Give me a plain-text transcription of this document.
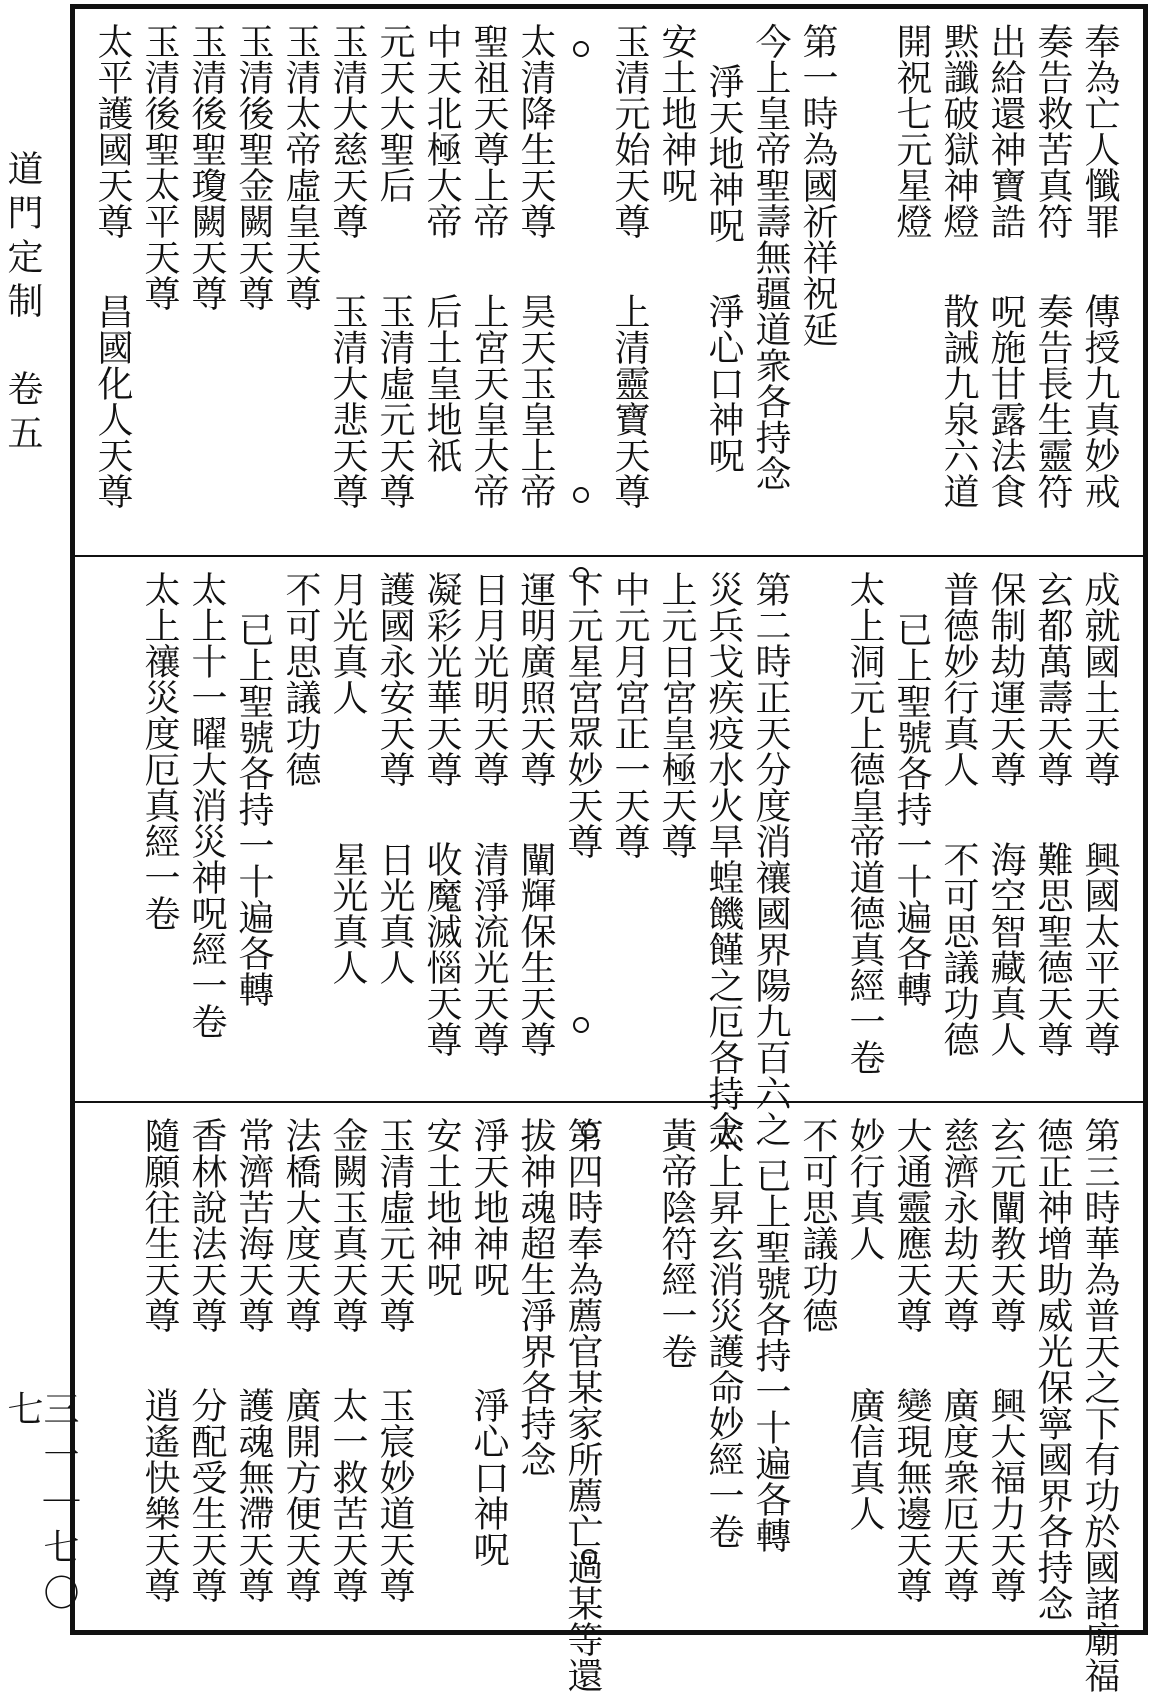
道門定制　卷五
三一｜七〇七
奉為亡人懺罪
傳授九真妙戒
奏告救苦真符
奏告長生靈符
出給還神寶誥
呪施甘露法食
黙讖破獄神燈
散誡九泉六道
開祝七元星燈
第一時為國祈祥祝延
今上皇帝聖壽無疆道衆各持念
淨天地神呪
淨心口神呪
安土地神呪
玉清元始天尊
上清靈寶天尊
太清降生天尊
昊天玉皇上帝
聖祖天尊上帝
上宮天皇大帝
中天北極大帝
后土皇地祇
元天大聖后
玉清虛元天尊
玉清大慈天尊
玉清大悲天尊
玉清太帝虛皇天尊
玉清後聖金闕天尊
玉清後聖瓊闕天尊
玉清後聖太平天尊
太平護國天尊
昌國化人天尊
成就國土天尊
興國太平天尊
玄都萬壽天尊
難思聖德天尊
保制劫運天尊
海空智藏真人
普德妙行真人
不可思議功德
已上聖號各持一十遍各轉
太上洞元上德皇帝道德真經一卷
第二時正天分度消禳國界陽九百六之
災兵戈疾疫水火旱蝗饑饉之厄各持念
上元日宮皇極天尊
中元月宮正一天尊
下元星宮眾妙天尊
運明廣照天尊
闡輝保生天尊
日月光明天尊
清淨流光天尊
凝彩光華天尊
收魔滅惱天尊
護國永安天尊
日光真人
月光真人
星光真人
不可思議功德
已上聖號各持一十遍各轉
太上十一曜大消災神呪經一卷
太上禳災度厄真經一卷
第三時華為普天之下有功於國諸廟福
德正神增助威光保寧國界各持念
玄元闡教天尊
興大福力天尊
慈濟永劫天尊
廣度衆厄天尊
大通靈應天尊
變現無邊天尊
妙行真人
廣信真人
不可思議功德
已上聖號各持一十遍各轉
太上昇玄消災護命妙經一卷
黃帝陰符經一卷
第四時奉為薦官某家所薦亡過某等還
拔神魂超生淨界各持念
淨天地神呪
淨心口神呪
安土地神呪
玉清虛元天尊
玉宸妙道天尊
金闕玉真天尊
太一救苦天尊
法橋大度天尊
廣開方便天尊
常濟苦海天尊
護魂無滯天尊
香林說法天尊
分配受生天尊
隨願往生天尊
逍遙快樂天尊
